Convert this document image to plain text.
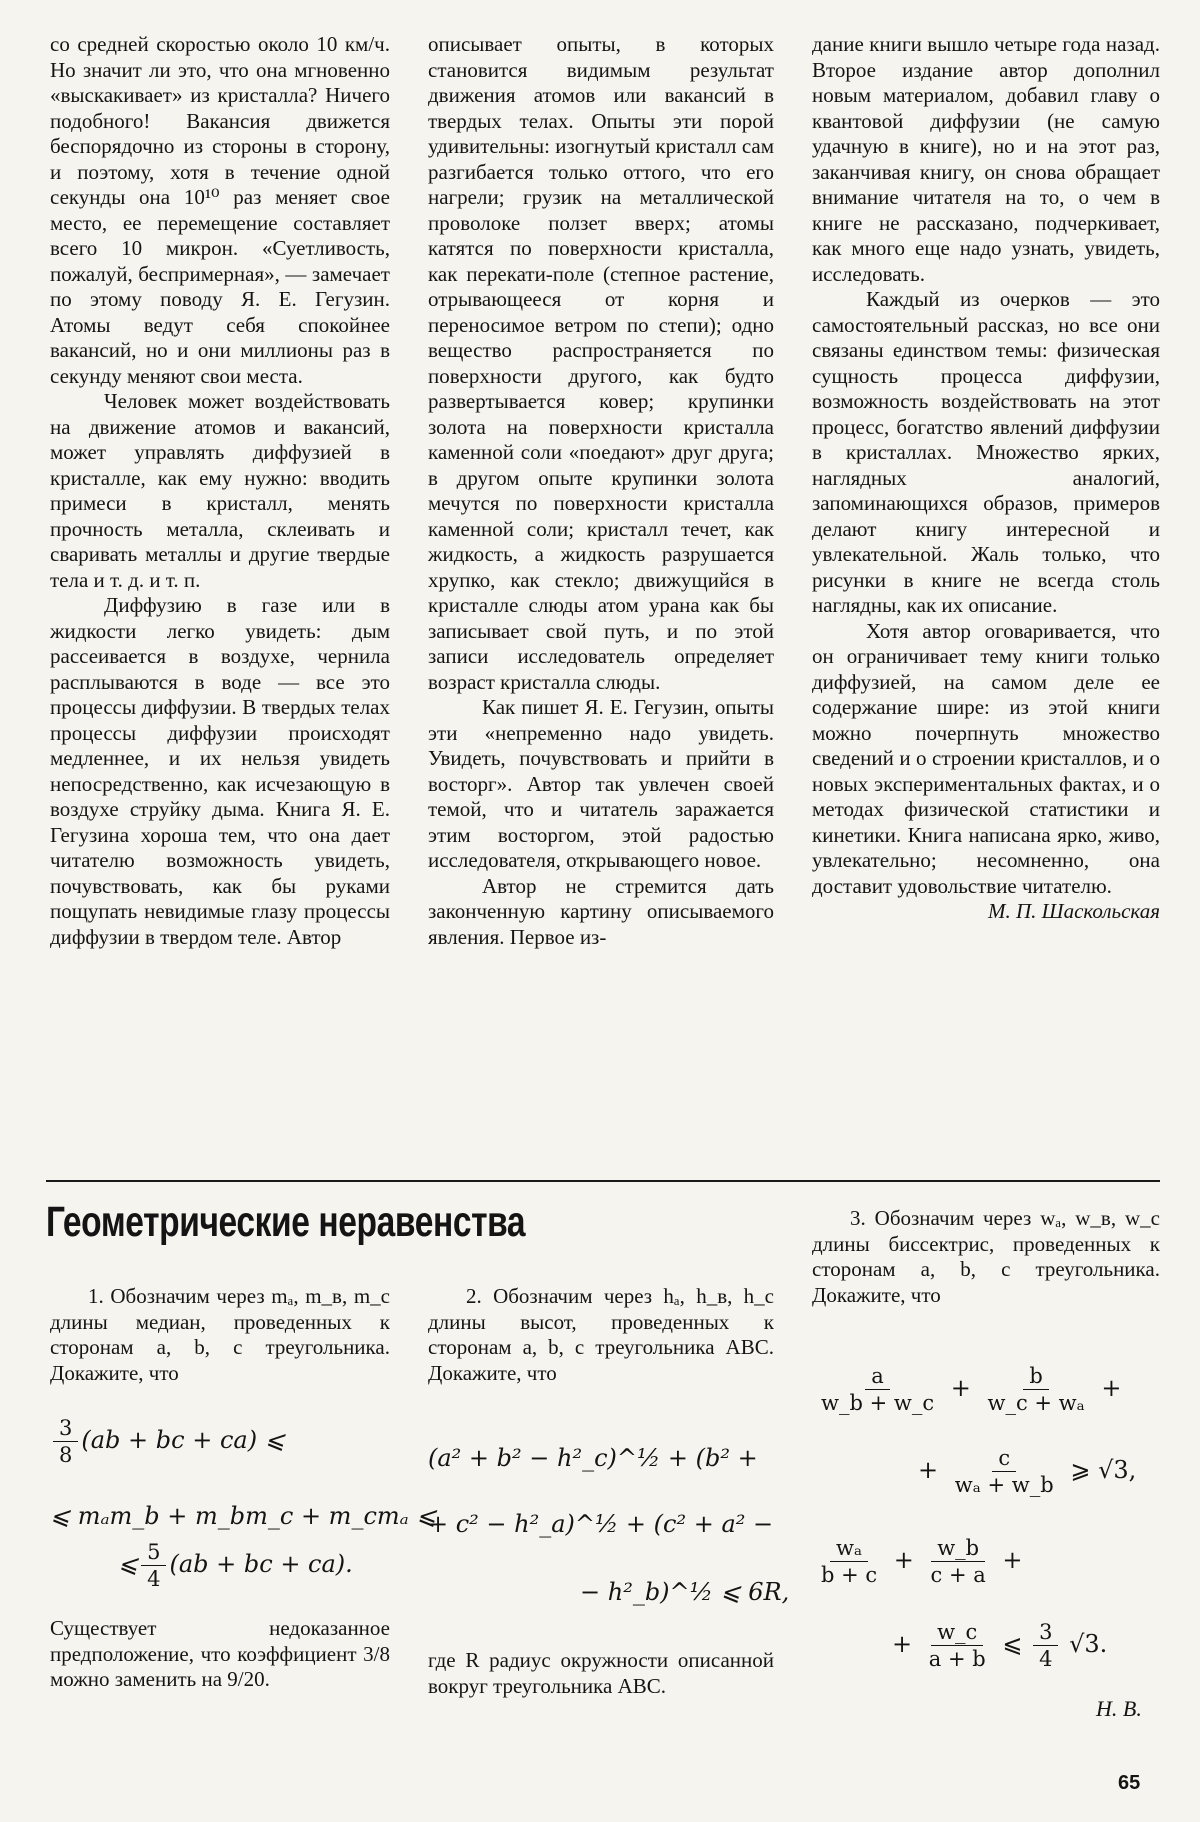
со средней скоростью около 10 км/ч. Но значит ли это, что она мгновенно «выскакивает» из кристалла? Ничего подобного! Вакансия движется беспорядочно из стороны в сторону, и поэтому, хотя в течение одной секунды она 10¹⁰ раз меняет свое место, ее перемещение составляет всего 10 микрон. «Суетливость, пожалуй, беспримерная», — замечает по этому поводу Я. Е. Гегузин. Атомы ведут себя спокойнее вакансий, но и они миллионы раз в секунду меняют свои места.

Человек может воздействовать на движение атомов и вакансий, может управлять диффузией в кристалле, как ему нужно: вводить примеси в кристалл, менять прочность металла, склеивать и сваривать металлы и другие твердые тела и т. д. и т. п.

Диффузию в газе или в жидкости легко увидеть: дым рассеивается в воздухе, чернила расплываются в воде — все это процессы диффузии. В твердых телах процессы диффузии происходят медленнее, и их нельзя увидеть непосредственно, как исчезающую в воздухе струйку дыма. Книга Я. Е. Гегузина хороша тем, что она дает читателю возможность увидеть, почувствовать, как бы руками пощупать невидимые глазу процессы диффузии в твердом теле. Автор

описывает опыты, в которых становится видимым результат движения атомов или вакансий в твердых телах. Опыты эти порой удивительны: изогнутый кристалл сам разгибается только оттого, что его нагрели; грузик на металлической проволоке ползет вверх; атомы катятся по поверхности кристалла, как перекати-поле (степное растение, отрывающееся от корня и переносимое ветром по степи); одно вещество распространяется по поверхности другого, как будто развертывается ковер; крупинки золота на поверхности кристалла каменной соли «поедают» друг друга; в другом опыте крупинки золота мечутся по поверхности кристалла каменной соли; кристалл течет, как жидкость, а жидкость разрушается хрупко, как стекло; движущийся в кристалле слюды атом урана как бы записывает свой путь, и по этой записи исследователь определяет возраст кристалла слюды.

Как пишет Я. Е. Гегузин, опыты эти «непременно надо увидеть. Увидеть, почувствовать и прийти в восторг». Автор так увлечен своей темой, что и читатель заражается этим восторгом, этой радостью исследователя, открывающего новое.

Автор не стремится дать законченную картину описываемого явления. Первое из-

дание книги вышло четыре года назад. Второе издание автор дополнил новым материалом, добавил главу о квантовой диффузии (не самую удачную в книге), но и на этот раз, заканчивая книгу, он снова обращает внимание читателя на то, о чем в книге не рассказано, подчеркивает, как много еще надо узнать, увидеть, исследовать.

Каждый из очерков — это самостоятельный рассказ, но все они связаны единством темы: физическая сущность процесса диффузии, возможность воздействовать на этот процесс, богатство явлений диффузии в кристаллах. Множество ярких, наглядных аналогий, запоминающихся образов, примеров делают книгу интересной и увлекательной. Жаль только, что рисунки в книге не всегда столь наглядны, как их описание.

Хотя автор оговаривается, что он ограничивает тему книги только диффузией, на самом деле ее содержание шире: из этой книги можно почерпнуть множество сведений и о строении кристаллов, и о новых экспериментальных фактах, и о методах физической статистики и кинетики. Книга написана ярко, живо, увлекательно; несомненно, она доставит удовольствие читателю.

М. П. Шаскольская

Геометрические неравенства

1. Обозначим через mₐ, m_в, m_c длины медиан, проведенных к сторонам a, b, c треугольника. Докажите, что

$\frac{3}{8} (ab$ + bc + ca) ⩽
⩽ mₐm_b + m_bm_c + m_cmₐ ⩽
⩽ $\frac{5}{4} (ab$ + bc + ca).

Существует недоказанное предположение, что коэффициент 3/8 можно заменить на 9/20.

2. Обозначим через hₐ, h_в, h_c длины высот, проведенных к сторонам a, b, c треугольника ABC. Докажите, что

(a² + b² − h²_c)^½ + (b² +
+ c² − h²_a)^½ + (c² + a² −
− h²_b)^½ ⩽ 6R,

где R радиус окружности описанной вокруг треугольника ABC.

3. Обозначим через wₐ, w_в, w_c длины биссектрис, проведенных к сторонам a, b, c треугольника. Докажите, что

$\frac{a}{w\_b + w\_c} + \frac{b}{\text{w\_c + wₐ}}$ +
+ $\frac{c}{\text{wₐ + w\_b}}$ ⩾ √3,
$\frac{\text{wₐ}}{b + c} + \frac{w\_b}{c + a}$ +
+ $\frac{w\_c}{a + b}$ ⩽ $\frac{3}{4} √3$.
Н. В.
65
